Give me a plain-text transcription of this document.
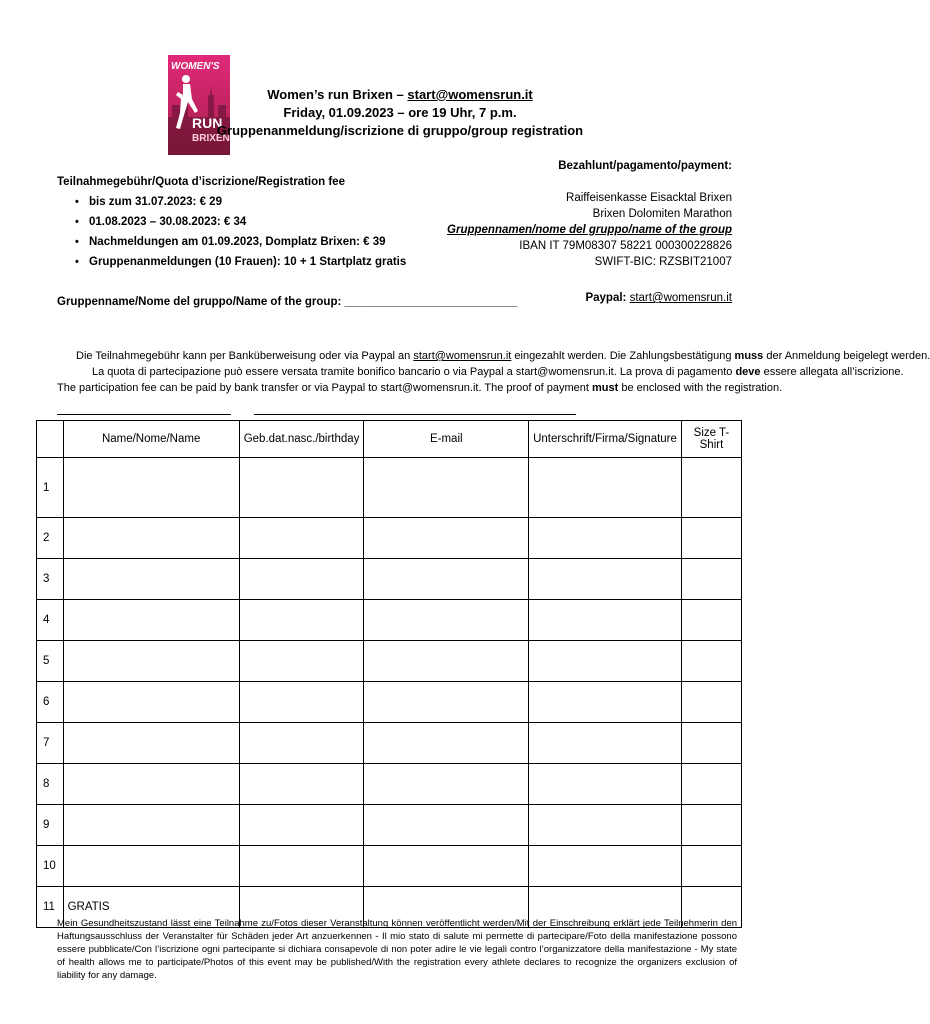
WOMEN'S
RUN
BRIXEN
Women’s run Brixen – start@womensrun.it
Friday, 01.09.2023 – ore 19 Uhr, 7 p.m.
Gruppenanmeldung/iscrizione di gruppo/group registration
Bezahlunt/pagamento/payment:
Raiffeisenkasse Eisacktal Brixen
Brixen Dolomiten Marathon
Gruppennamen/nome del gruppo/name of the group
IBAN IT 79M08307 58221 000300228826
SWIFT-BIC: RZSBIT21007
Paypal: start@womensrun.it
Teilnahmegebühr/Quota d’iscrizione/Registration fee
• bis zum 31.07.2023: € 29
• 01.08.2023 – 30.08.2023: € 34
• Nachmeldungen am 01.09.2023, Domplatz Brixen: € 39
• Gruppenanmeldungen (10 Frauen): 10 + 1 Startplatz gratis
Gruppenname/Nome del gruppo/Name of the group: ___________________________
Die Teilnahmegebühr kann per Banküberweisung oder via Paypal an start@womensrun.it eingezahlt werden. Die Zahlungsbestätigung muss der Anmeldung beigelegt werden.
La quota di partecipazione può essere versata tramite bonifico bancario o via Paypal a start@womensrun.it. La prova di pagamento deve essere allegata all’iscrizione.
The participation fee can be paid by bank transfer or via Paypal to start@womensrun.it. The proof of payment must be enclosed with the registration.
	Name/Nome/Name	Geb.dat.nasc./birthday	E-mail	Unterschrift/Firma/Signature	Size T-Shirt
1					
2					
3					
4					
5					
6					
7					
8					
9					
10					
11	GRATIS				
Mein Gesundheitszustand lässt eine Teilnahme zu/Fotos dieser Veranstaltung können veröffentlicht werden/Mit der Einschreibung erklärt jede Teilnehmerin den Haftungsausschluss der Veranstalter für Schäden jeder Art anzuerkennen - Il mio stato di salute mi permette di partecipare/Foto della manifestazione possono essere pubblicate/Con l’iscrizione ogni partecipante si dichiara consapevole di non poter adire le vie legali contro l’organizzatore della manifestazione - My state of health allows me to participate/Photos of this event may be published/With the registration every athlete declares to recognize the organizers exclusion of liability for any damage.
